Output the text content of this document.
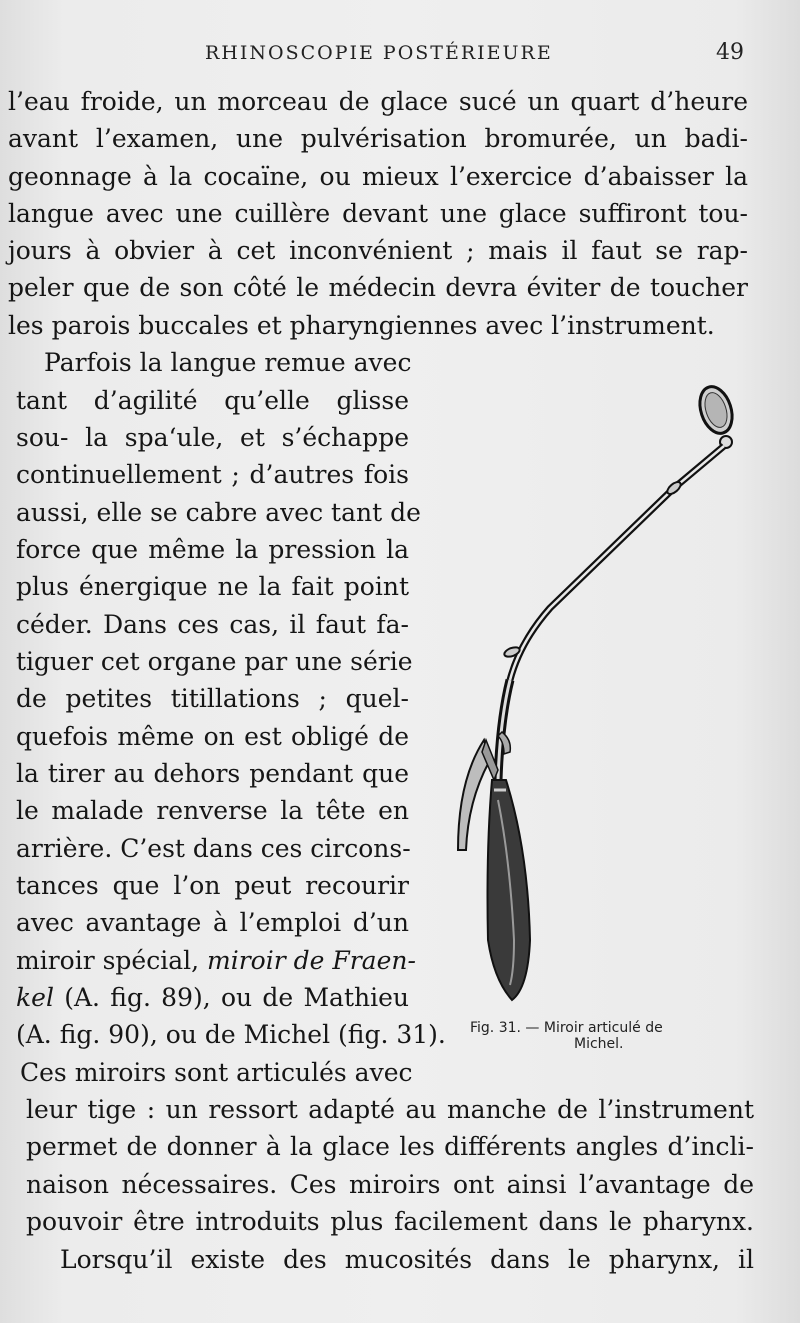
RHINOSCOPIE POSTÉRIEURE	49
l’eau froide, un morceau de glace sucé un quart d’heure
avant l’examen, une pulvérisation bromurée, un badi-
geonnage à la cocaïne, ou mieux l’exercice d’abaisser la
langue avec une cuillère devant une glace suffiront tou-
jours à obvier à cet inconvénient ; mais il faut se rap-
peler que de son côté le médecin devra éviter de toucher
les parois buccales et pharyngiennes avec l’instrument.
Parfois la langue remue avec
tant d’agilité qu’elle glisse
sou- la spa‘ule, et s’échappe
continuellement ; d’autres fois
aussi, elle se cabre avec tant de
force que même la pression la
plus énergique ne la fait point
céder. Dans ces cas, il faut fa-
tiguer cet organe par une série
de petites titillations ; quel-
quefois même on est obligé de
la tirer au dehors pendant que
le malade renverse la tête en
arrière. C’est dans ces circons-
tances que l’on peut recourir
avec avantage à l’emploi d’un
miroir spécial, miroir de Fraen-
kel (A. fig. 89), ou de Mathieu
(A. fig. 90), ou de Michel (fig. 31).
Ces miroirs sont articulés avec
leur tige : un ressort adapté au manche de l’instrument
permet de donner à la glace les différents angles d’incli-
naison nécessaires. Ces miroirs ont ainsi l’avantage de
pouvoir être introduits plus facilement dans le pharynx.
Lorsqu’il existe des mucosités dans le pharynx, il
Fig. 31. — Miroir articulé de
Michel.
